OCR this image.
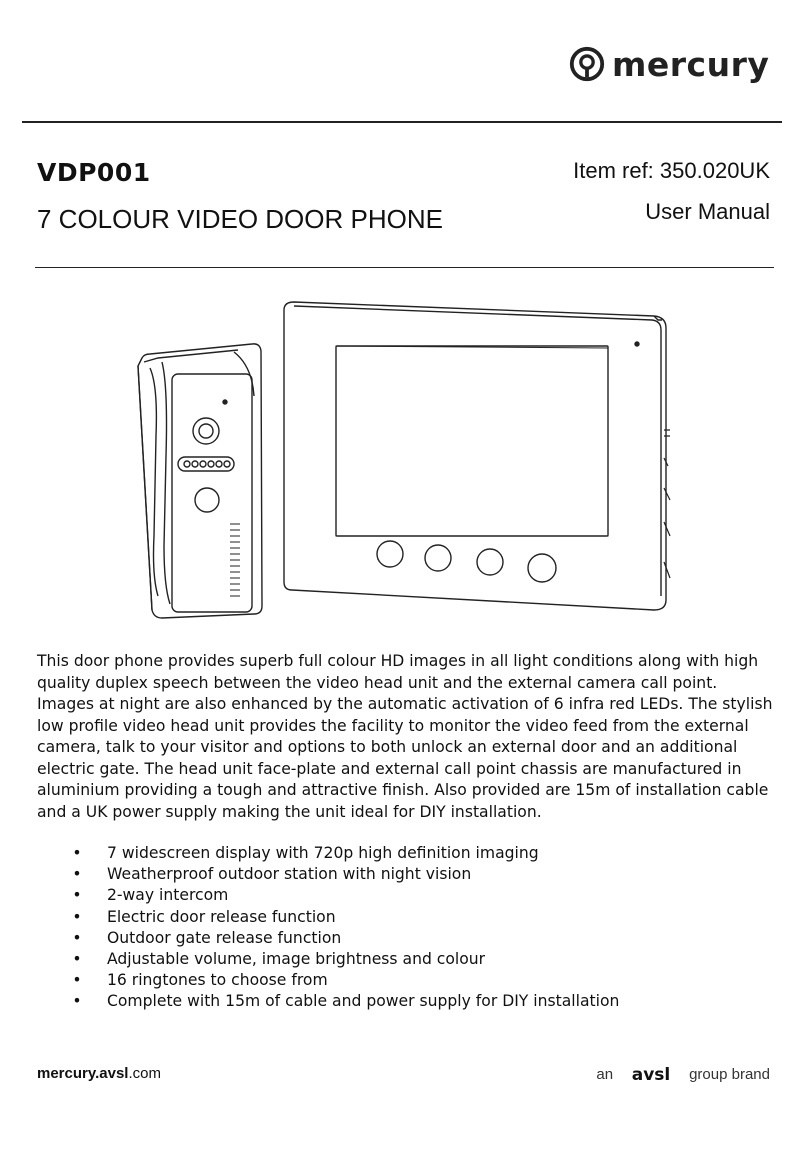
mercury
VDP001
7 COLOUR VIDEO DOOR PHONE
Item ref: 350.020UK
User Manual

This door phone provides superb full colour HD images in all light conditions along with high quality duplex speech between the video head unit and the external camera call point. Images at night are also enhanced by the automatic activation of 6 infra red LEDs. The stylish low profile video head unit provides the facility to monitor the video feed from the external camera, talk to your visitor and options to both unlock an external door and an additional electric gate. The head unit face-plate and external call point chassis are manufactured in aluminium providing a tough and attractive finish. Also provided are 15m of installation cable and a UK power supply making the unit ideal for DIY installation.

• 7 widescreen display with 720p high definition imaging
• Weatherproof outdoor station with night vision
• 2-way intercom
• Electric door release function
• Outdoor gate release function
• Adjustable volume, image brightness and colour
• 16 ringtones to choose from
• Complete with 15m of cable and power supply for DIY installation
mercury.avsl.com	an avsl group brand
